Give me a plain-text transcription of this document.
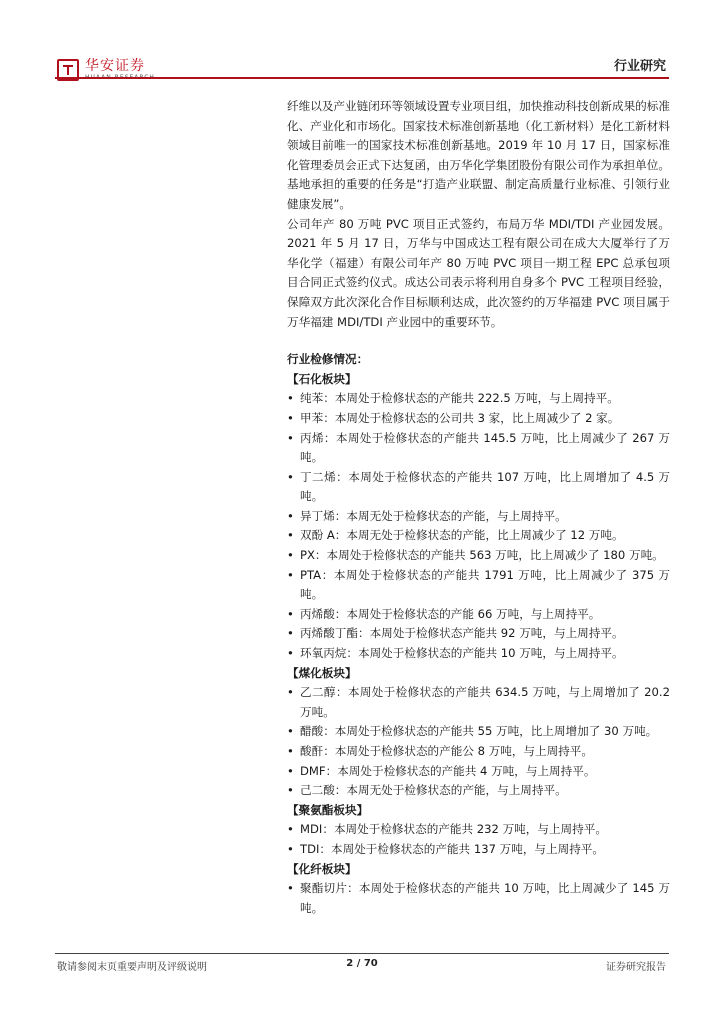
华安证券	行业研究

纤维以及产业链闭环等领域设置专业项目组，加快推动科技创新成果的标准化、产业化和市场化。国家技术标准创新基地（化工新材料）是化工新材料领域目前唯一的国家技术标准创新基地。2019 年 10 月 17 日，国家标准化管理委员会正式下达复函，由万华化学集团股份有限公司作为承担单位。基地承担的重要的任务是“打造产业联盟、制定高质量行业标准、引领行业健康发展”。

公司年产 80 万吨 PVC 项目正式签约，布局万华 MDI/TDI 产业园发展。2021 年 5 月 17 日，万华与中国成达工程有限公司在成大大厦举行了万华化学（福建）有限公司年产 80 万吨 PVC 项目一期工程 EPC 总承包项目合同正式签约仪式。成达公司表示将利用自身多个 PVC 工程项目经验，保障双方此次深化合作目标顺利达成，此次签约的万华福建 PVC 项目属于万华福建 MDI/TDI 产业园中的重要环节。

行业检修情况：
【石化板块】
• 纯苯：本周处于检修状态的产能共 222.5 万吨，与上周持平。
• 甲苯：本周处于检修状态的公司共 3 家，比上周减少了 2 家。
• 丙烯：本周处于检修状态的产能共 145.5 万吨，比上周减少了 267 万吨。
• 丁二烯：本周处于检修状态的产能共 107 万吨，比上周增加了 4.5 万吨。
• 异丁烯：本周无处于检修状态的产能，与上周持平。
• 双酚 A：本周无处于检修状态的产能，比上周减少了 12 万吨。
• PX：本周处于检修状态的产能共 563 万吨，比上周减少了 180 万吨。
• PTA：本周处于检修状态的产能共 1791 万吨，比上周减少了 375 万吨。
• 丙烯酸：本周处于检修状态的产能 66 万吨，与上周持平。
• 丙烯酸丁酯：本周处于检修状态产能共 92 万吨，与上周持平。
• 环氧丙烷：本周处于检修状态的产能共 10 万吨，与上周持平。
【煤化板块】
• 乙二醇：本周处于检修状态的产能共 634.5 万吨，与上周增加了 20.2 万吨。
• 醋酸：本周处于检修状态的产能共 55 万吨，比上周增加了 30 万吨。
• 酸酐：本周处于检修状态的产能公 8 万吨，与上周持平。
• DMF：本周处于检修状态的产能共 4 万吨，与上周持平。
• 己二酸：本周无处于检修状态的产能，与上周持平。
【聚氨酯板块】
• MDI：本周处于检修状态的产能共 232 万吨，与上周持平。
• TDI：本周处于检修状态的产能共 137 万吨，与上周持平。
【化纤板块】
• 聚酯切片：本周处于检修状态的产能共 10 万吨，比上周减少了 145 万吨。
敬请参阅末页重要声明及评级说明	2 / 70	证券研究报告
